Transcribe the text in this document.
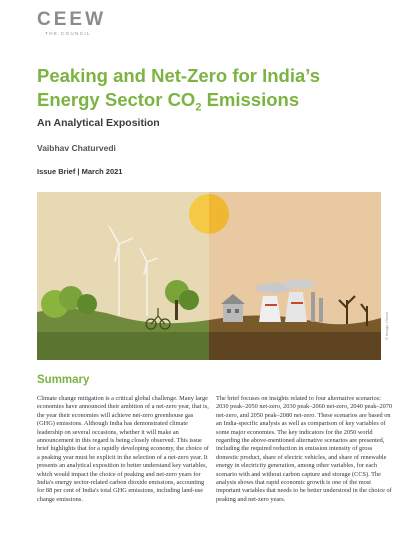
CEEW
THE COUNCIL
Peaking and Net-Zero for India’s
Energy Sector $CO_2$ Emissions
An Analytical Exposition
Vaibhav Chaturvedi
Issue Brief | March 2021
© Image: iStock
Summary

Climate change mitigation is a critical global challenge. Many large economies have announced their ambition of a net-zero year, that is, the year their economies will achieve net-zero greenhouse gas (GHG) emissions. Although India has demonstrated climate leadership on several occasions, whether it will make an announcement in this regard is being closely observed. This issue brief highlights that for a rapidly developing economy, the choice of a peaking year must be explicit in the selection of a net-zero year. It presents an analytical exposition to better understand key variables, which would impact the choice of peaking and net-zero years for India's energy sector-related carbon dioxide emissions, accounting for 88 per cent of India's total GHG emissions, including land-use change emissions.

The brief focuses on insights related to four alternative scenarios: 2030 peak–2050 net-zero, 2030 peak–2060 net-zero, 2040 peak–2070 net-zero, and 2050 peak–2080 net-zero. These scenarios are based on an India-specific analysis as well as comparison of key variables of some major economies. The key indicators for the 2050 world regarding the above-mentioned alternative scenarios are presented, including the required reduction in emission intensity of gross domestic product, share of electric vehicles, and share of renewable energy in electricity generation, among other variables, for each scenario with and without carbon capture and storage (CCS). The analysis shows that rapid economic growth is one of the most important variables that needs to be better understood in the choice of peaking and net-zero years.
